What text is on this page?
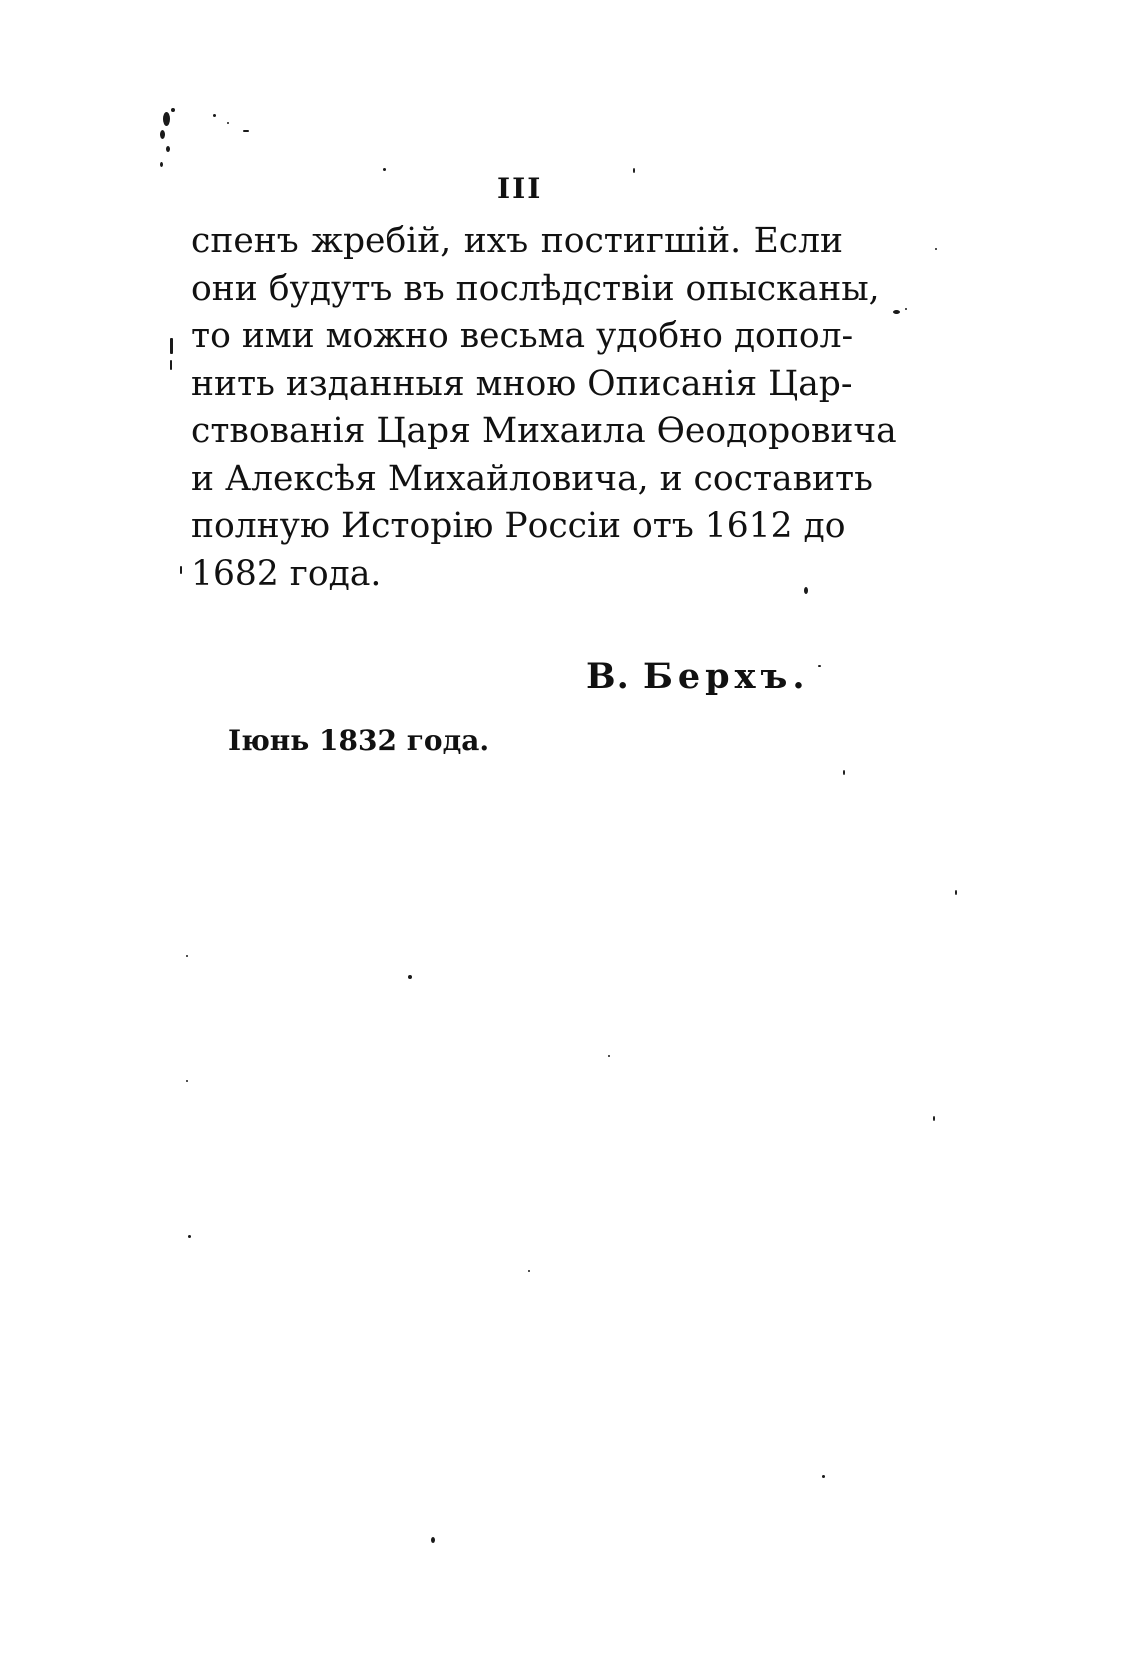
III
спенъ жребій, ихъ постигшій. Если
они будутъ въ послѣдствіи опысканы,
то ими можно весьма удобно допол-
нить изданныя мною Описанія Цар-
ствованія Царя Михаила Өеодоровича
и Алексѣя Михайловича, и составить
полную Исторію Россіи отъ 1612 до
1682 года.
В. Берхъ.
Іюнь 1832 года.
